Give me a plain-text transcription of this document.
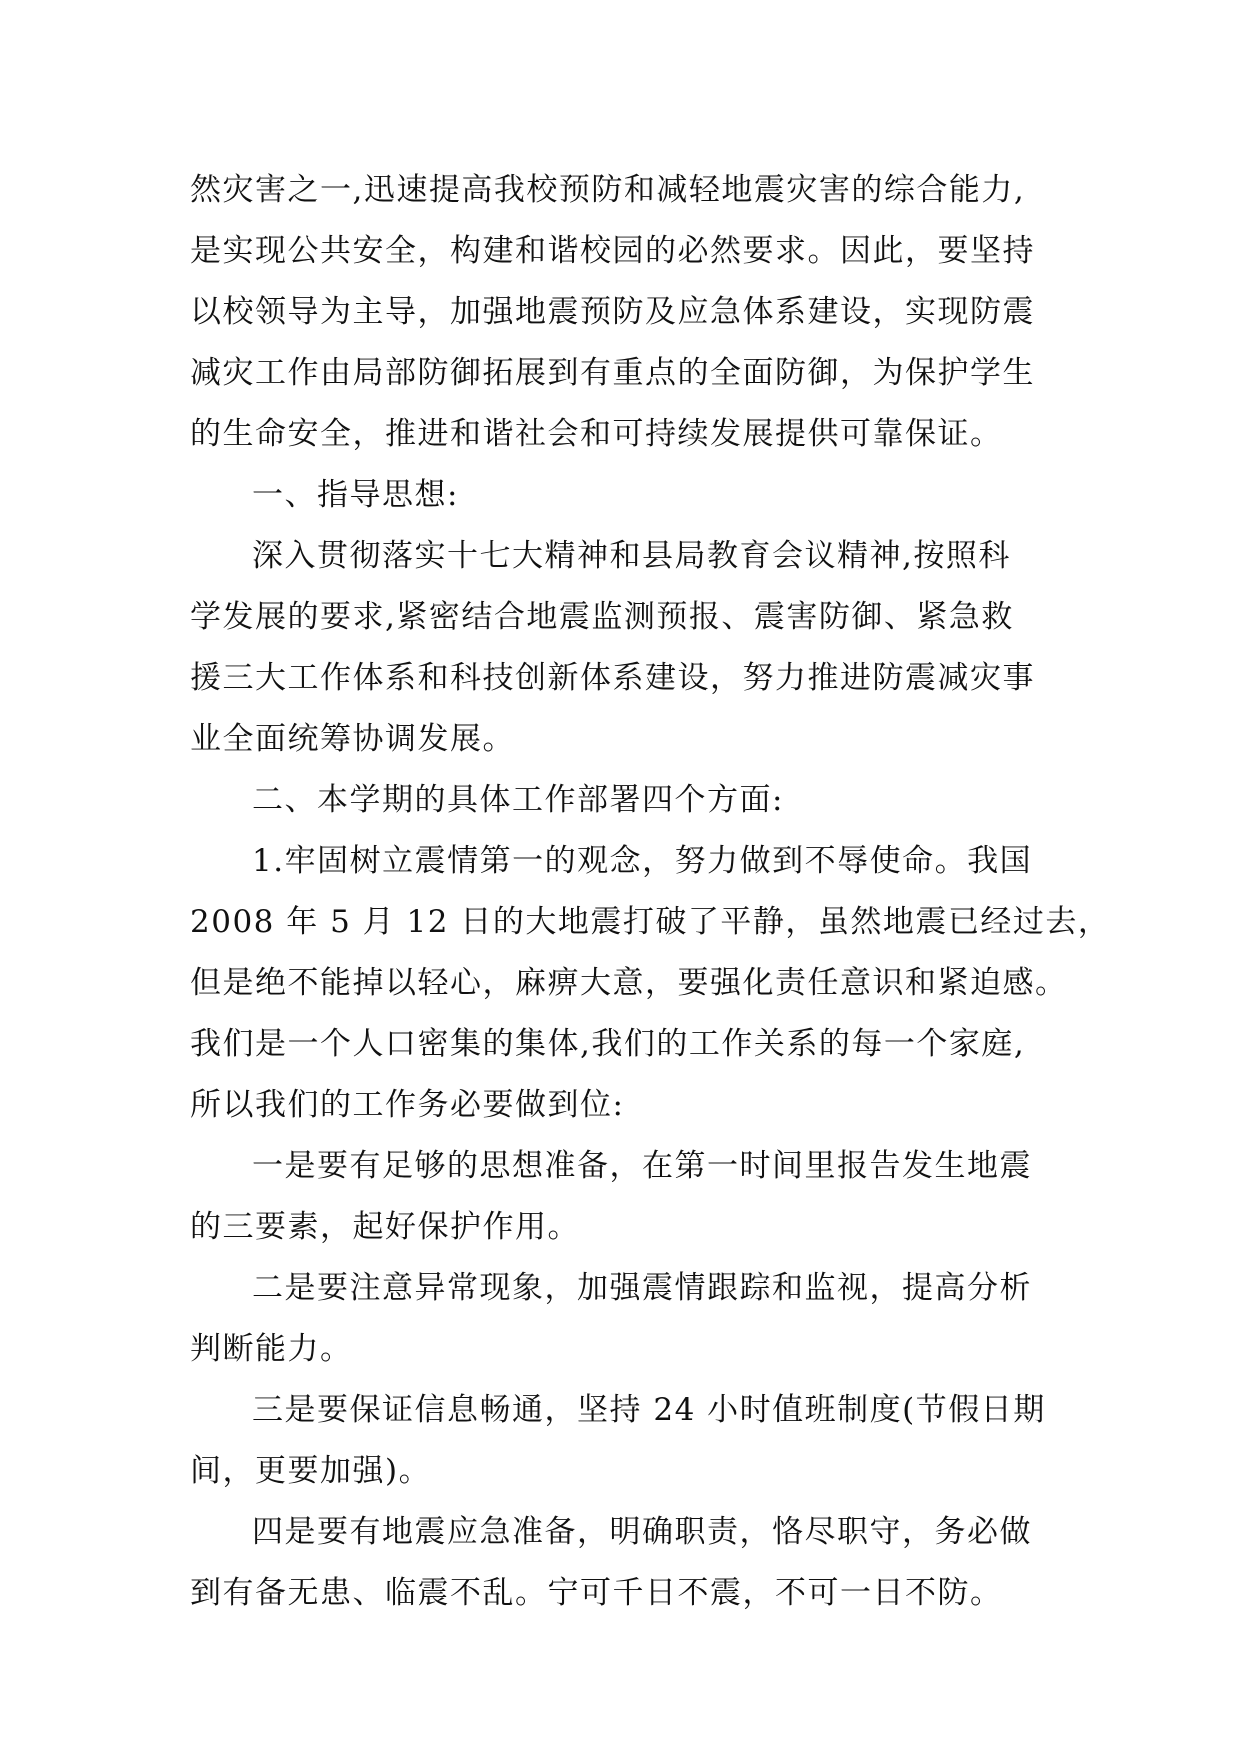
然灾害之一,迅速提高我校预防和减轻地震灾害的综合能力,
是实现公共安全，构建和谐校园的必然要求。因此，要坚持
以校领导为主导，加强地震预防及应急体系建设，实现防震
减灾工作由局部防御拓展到有重点的全面防御，为保护学生
的生命安全，推进和谐社会和可持续发展提供可靠保证。
一、指导思想:
深入贯彻落实十七大精神和县局教育会议精神,按照科
学发展的要求,紧密结合地震监测预报、震害防御、紧急救
援三大工作体系和科技创新体系建设，努力推进防震减灾事
业全面统筹协调发展。
二、本学期的具体工作部署四个方面:
1.牢固树立震情第一的观念，努力做到不辱使命。我国
2008 年 5 月 12 日的大地震打破了平静，虽然地震已经过去，
但是绝不能掉以轻心，麻痹大意，要强化责任意识和紧迫感。
我们是一个人口密集的集体,我们的工作关系的每一个家庭,
所以我们的工作务必要做到位:
一是要有足够的思想准备，在第一时间里报告发生地震
的三要素，起好保护作用。
二是要注意异常现象，加强震情跟踪和监视，提高分析
判断能力。
三是要保证信息畅通，坚持 24 小时值班制度(节假日期
间，更要加强)。
四是要有地震应急准备，明确职责，恪尽职守，务必做
到有备无患、临震不乱。宁可千日不震，不可一日不防。
